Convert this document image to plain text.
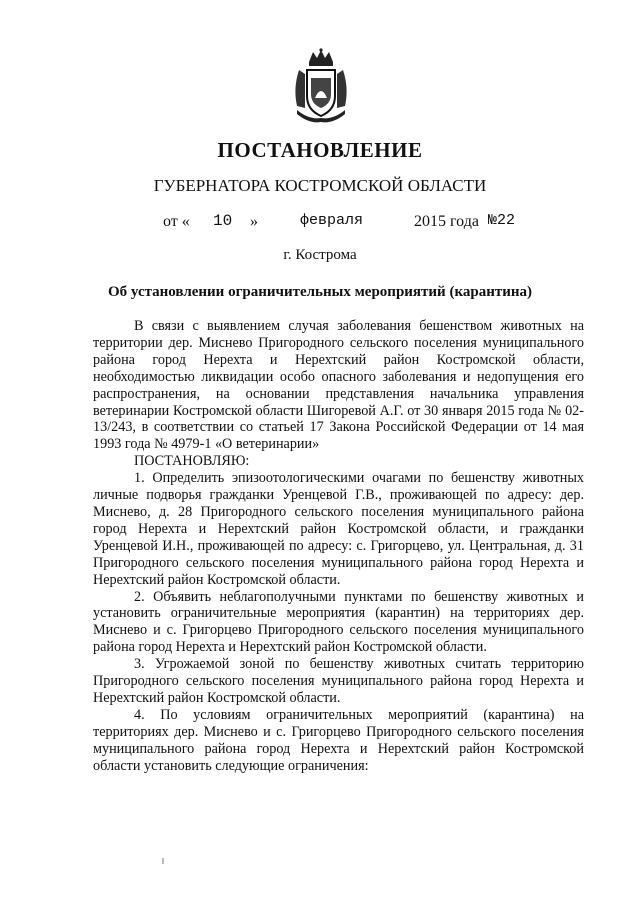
ПОСТАНОВЛЕНИЕ
ГУБЕРНАТОРА КОСТРОМСКОЙ ОБЛАСТИ
от « 10 »	февраля	2015 года №22
г. Кострома
Об установлении ограничительных мероприятий (карантина)

В связи с выявлением случая заболевания бешенством животных на территории дер. Миснево Пригородного сельского поселения муниципального района город Нерехта и Нерехтский район Костромской области, необходимостью ликвидации особо опасного заболевания и недопущения его распространения, на основании представления начальника управления ветеринарии Костромской области Шигоревой А.Г. от 30 января 2015 года № 02-13/243, в соответствии со статьей 17 Закона Российской Федерации от 14 мая 1993 года № 4979-1 «О ветеринарии»

ПОСТАНОВЛЯЮ:

1. Определить эпизоотологическими очагами по бешенству животных личные подворья гражданки Уренцевой Г.В., проживающей по адресу: дер. Миснево, д. 28 Пригородного сельского поселения муниципального района город Нерехта и Нерехтский район Костромской области, и гражданки Уренцевой И.Н., проживающей по адресу: с. Григорцево, ул. Центральная, д. 31 Пригородного сельского поселения муниципального района город Нерехта и Нерехтский район Костромской области.

2. Объявить неблагополучными пунктами по бешенству животных и установить ограничительные мероприятия (карантин) на территориях дер. Миснево и с. Григорцево Пригородного сельского поселения муниципального района город Нерехта и Нерехтский район Костромской области.

3. Угрожаемой зоной по бешенству животных считать территорию Пригородного сельского поселения муниципального района город Нерехта и Нерехтский район Костромской области.

4. По условиям ограничительных мероприятий (карантина) на территориях дер. Миснево и с. Григорцево Пригородного сельского поселения муниципального района город Нерехта и Нерехтский район Костромской области установить следующие ограничения:
